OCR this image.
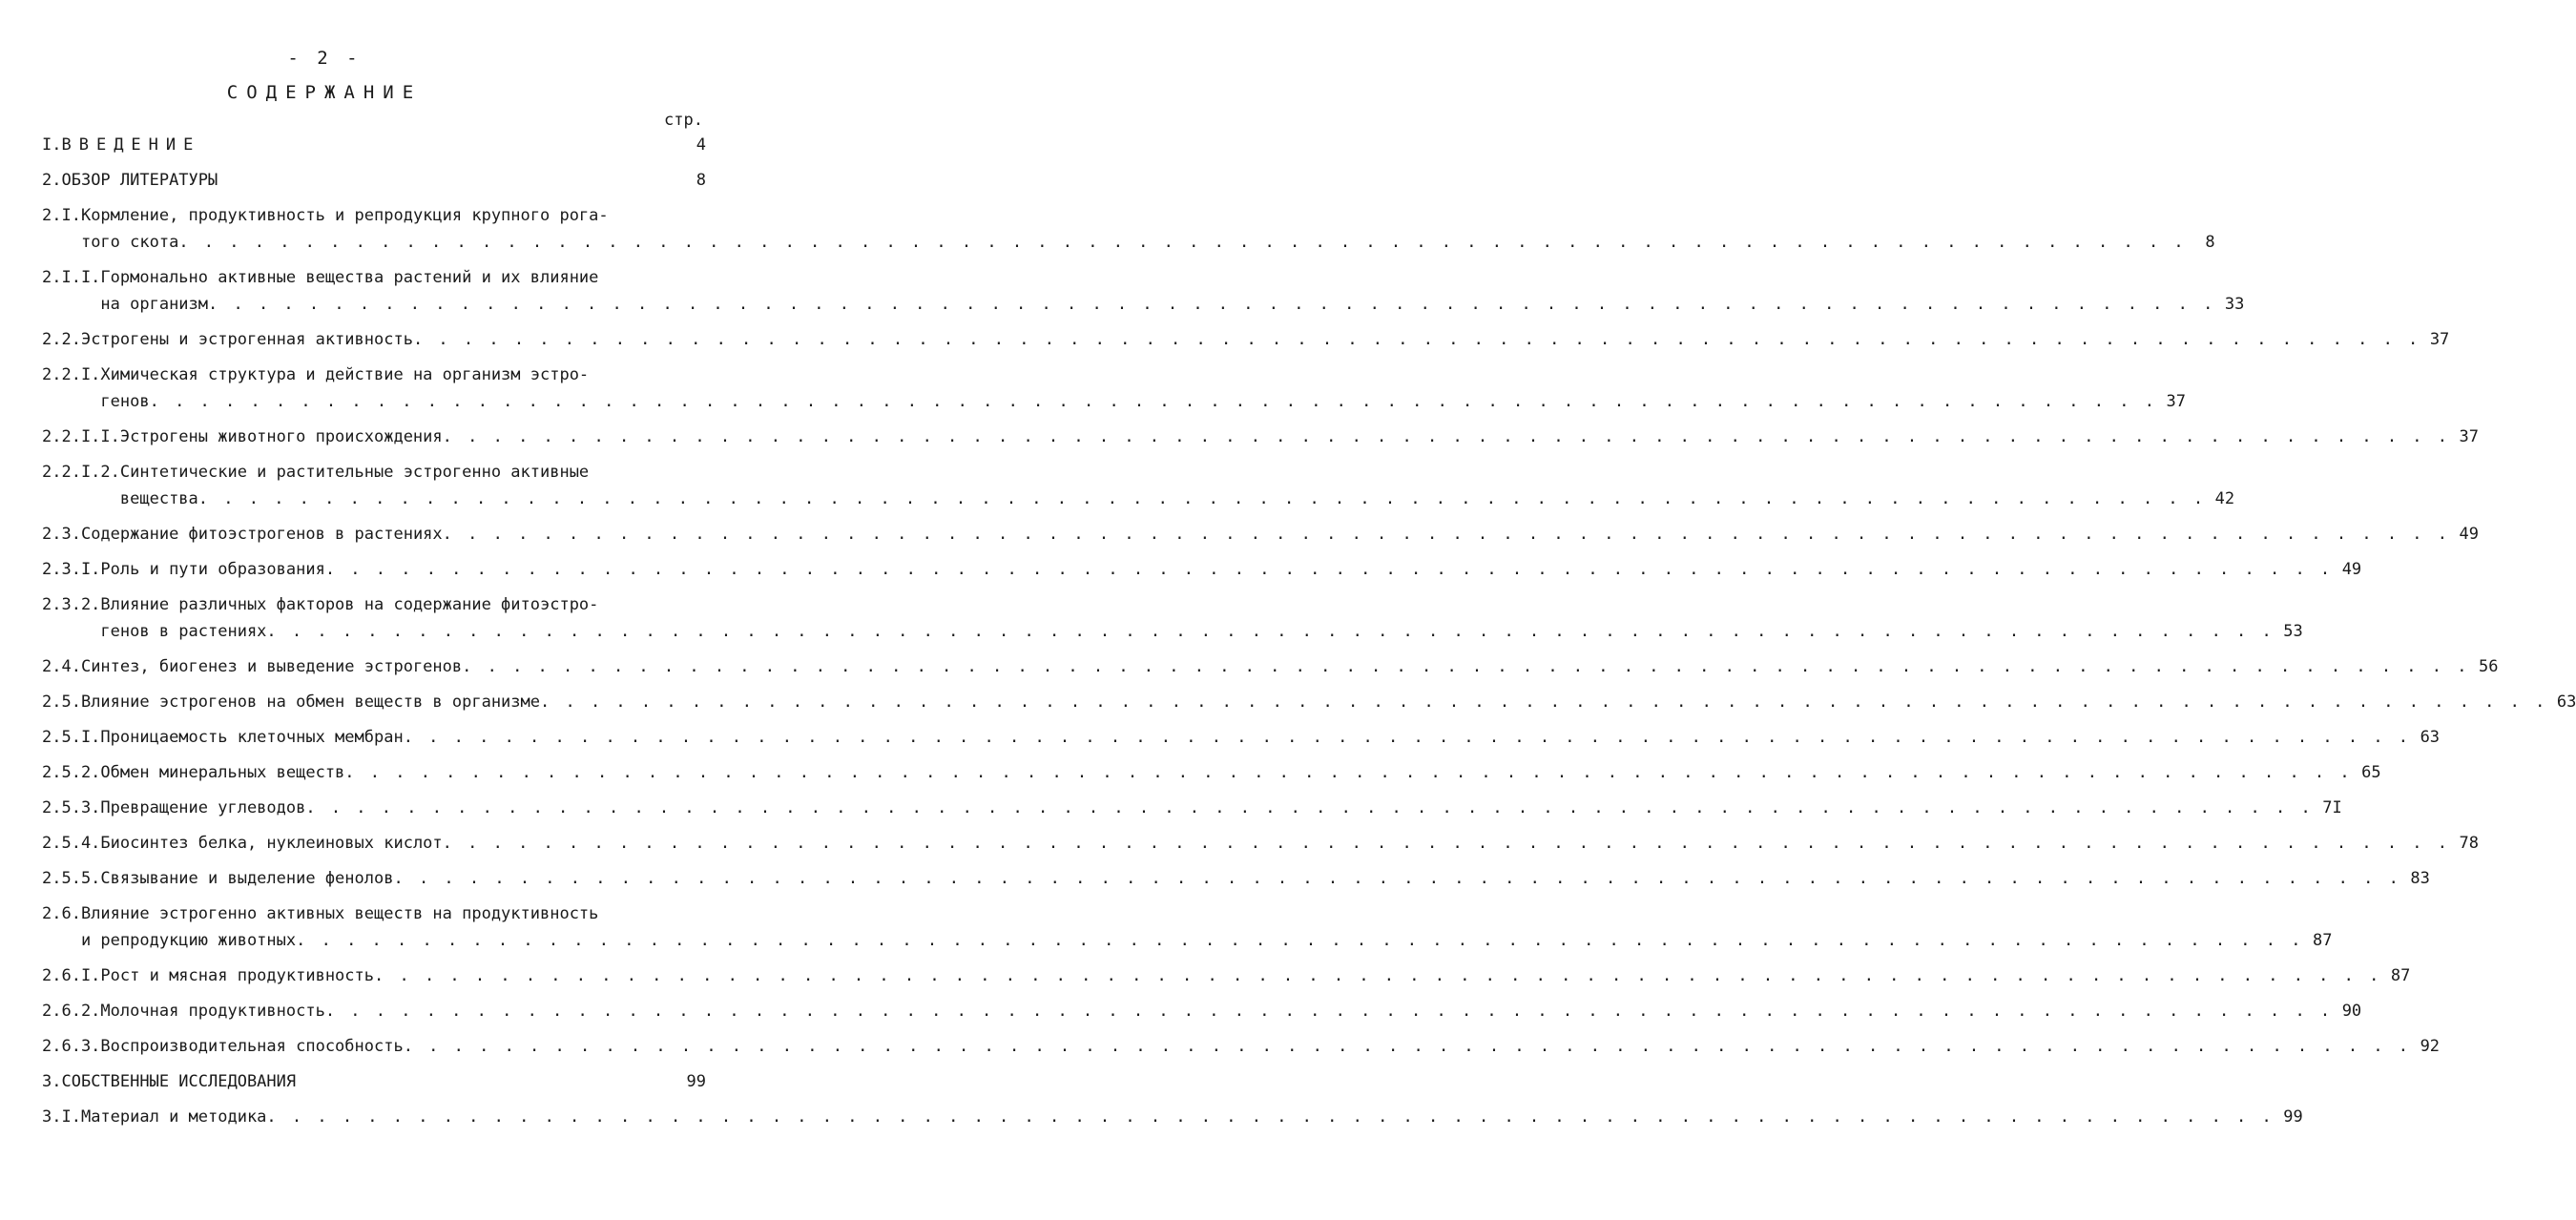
- 2 -
СОДЕРЖАНИЕ
стр.
I. ВВЕДЕНИЕ	4
2. ОБЗОР ЛИТЕРАТУРЫ	8
2.I. Кормление, продуктивность и репродукция крупного рога-
того скота . . . . . . . . . . . . . . . . . . . . . . . . . . . . . . . . . . . . . . . . . . . . . . . . . . . . . . . . . . . . . . . . . . . . . . . . . . . . . . . .	8
2.I.I. Гормонально активные вещества растений и их влияние
на организм . . . . . . . . . . . . . . . . . . . . . . . . . . . . . . . . . . . . . . . . . . . . . . . . . . . . . . . . . . . . . . . . . . . . . . . . . . . . . . . . 33
2.2. Эстрогены и эстрогенная активность . . . . . . . . . . . . . . . . . . . . . . . . . . . . . . . . . . . . . . . . . . . . . . . . . . . . . . . . . . . . . . . . . . . . . . . . . . . . . . . . 37
2.2.I. Химическая структура и действие на организм эстро-
генов . . . . . . . . . . . . . . . . . . . . . . . . . . . . . . . . . . . . . . . . . . . . . . . . . . . . . . . . . . . . . . . . . . . . . . . . . . . . . . . . 37
2.2.I.I. Эстрогены животного происхождения . . . . . . . . . . . . . . . . . . . . . . . . . . . . . . . . . . . . . . . . . . . . . . . . . . . . . . . . . . . . . . . . . . . . . . . . . . . . . . . . 37
2.2.I.2. Синтетические и растительные эстрогенно активные
вещества . . . . . . . . . . . . . . . . . . . . . . . . . . . . . . . . . . . . . . . . . . . . . . . . . . . . . . . . . . . . . . . . . . . . . . . . . . . . . . . . 42
2.3. Содержание фитоэстрогенов в растениях . . . . . . . . . . . . . . . . . . . . . . . . . . . . . . . . . . . . . . . . . . . . . . . . . . . . . . . . . . . . . . . . . . . . . . . . . . . . . . . . 49
2.3.I. Роль и пути образования . . . . . . . . . . . . . . . . . . . . . . . . . . . . . . . . . . . . . . . . . . . . . . . . . . . . . . . . . . . . . . . . . . . . . . . . . . . . . . . . 49
2.3.2. Влияние различных факторов на содержание фитоэстро-
генов в растениях . . . . . . . . . . . . . . . . . . . . . . . . . . . . . . . . . . . . . . . . . . . . . . . . . . . . . . . . . . . . . . . . . . . . . . . . . . . . . . . . 53
2.4. Синтез, биогенез и выведение эстрогенов . . . . . . . . . . . . . . . . . . . . . . . . . . . . . . . . . . . . . . . . . . . . . . . . . . . . . . . . . . . . . . . . . . . . . . . . . . . . . . . . 56
2.5. Влияние эстрогенов на обмен веществ в организме . . . . . . . . . . . . . . . . . . . . . . . . . . . . . . . . . . . . . . . . . . . . . . . . . . . . . . . . . . . . . . . . . . . . . . . . . . . . . . . . 63
2.5.I. Проницаемость клеточных мембран . . . . . . . . . . . . . . . . . . . . . . . . . . . . . . . . . . . . . . . . . . . . . . . . . . . . . . . . . . . . . . . . . . . . . . . . . . . . . . . . 63
2.5.2. Обмен минеральных веществ . . . . . . . . . . . . . . . . . . . . . . . . . . . . . . . . . . . . . . . . . . . . . . . . . . . . . . . . . . . . . . . . . . . . . . . . . . . . . . . . 65
2.5.3. Превращение углеводов . . . . . . . . . . . . . . . . . . . . . . . . . . . . . . . . . . . . . . . . . . . . . . . . . . . . . . . . . . . . . . . . . . . . . . . . . . . . . . . . 7I
2.5.4. Биосинтез белка, нуклеиновых кислот . . . . . . . . . . . . . . . . . . . . . . . . . . . . . . . . . . . . . . . . . . . . . . . . . . . . . . . . . . . . . . . . . . . . . . . . . . . . . . . . 78
2.5.5. Связывание и выделение фенолов . . . . . . . . . . . . . . . . . . . . . . . . . . . . . . . . . . . . . . . . . . . . . . . . . . . . . . . . . . . . . . . . . . . . . . . . . . . . . . . . 83
2.6. Влияние эстрогенно активных веществ на продуктивность
и репродукцию животных . . . . . . . . . . . . . . . . . . . . . . . . . . . . . . . . . . . . . . . . . . . . . . . . . . . . . . . . . . . . . . . . . . . . . . . . . . . . . . . . 87
2.6.I. Рост и мясная продуктивность . . . . . . . . . . . . . . . . . . . . . . . . . . . . . . . . . . . . . . . . . . . . . . . . . . . . . . . . . . . . . . . . . . . . . . . . . . . . . . . . 87
2.6.2. Молочная продуктивность . . . . . . . . . . . . . . . . . . . . . . . . . . . . . . . . . . . . . . . . . . . . . . . . . . . . . . . . . . . . . . . . . . . . . . . . . . . . . . . . 90
2.6.3. Воспроизводительная способность . . . . . . . . . . . . . . . . . . . . . . . . . . . . . . . . . . . . . . . . . . . . . . . . . . . . . . . . . . . . . . . . . . . . . . . . . . . . . . . . 92
3. СОБСТВЕННЫЕ ИССЛЕДОВАНИЯ	99
3.I. Материал и методика . . . . . . . . . . . . . . . . . . . . . . . . . . . . . . . . . . . . . . . . . . . . . . . . . . . . . . . . . . . . . . . . . . . . . . . . . . . . . . . . 99
